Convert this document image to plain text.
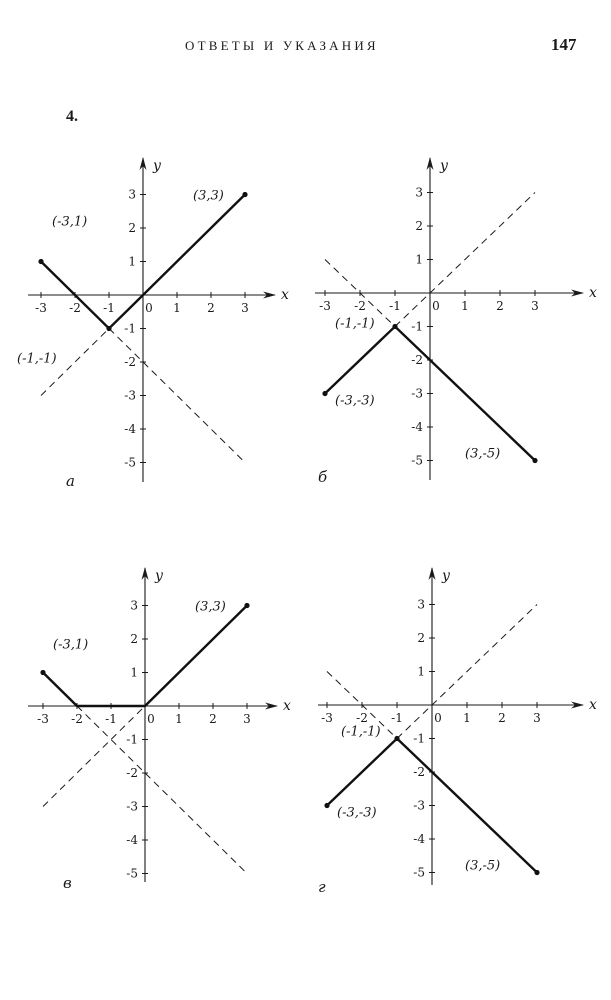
ОТВЕТЫ И УКАЗАНИЯ	147
4.
x
y
-3 -2 -1	0 1 2 3
3
2
1
-1
-2
-3
-4
-5
(-3,1)
(-1,-1)
(3,3)
а
x
y
-3 -2 -1	0 1 2 3
3
2
1
-1
-2
-3
-4
-5
(-1,-1)
(-3,-3)
(3,-5)
б
x
y
-3 -2 -1	0 1 2 3
3
2
1
-1
-2
-3
-4
-5
(-3,1)
(3,3)
в
x
y
-3 -2 -1	0 1 2 3
3
2
1
-1
-2
-3
-4
-5
(-1,-1)
(-3,-3)
(3,-5)
г
